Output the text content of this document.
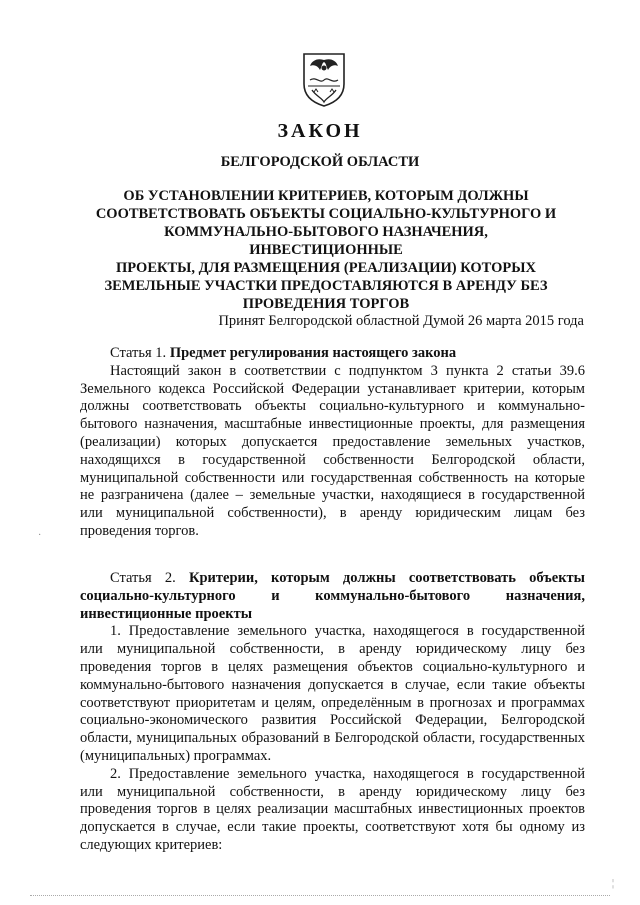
ЗАКОН
БЕЛГОРОДСКОЙ ОБЛАСТИ
ОБ УСТАНОВЛЕНИИ КРИТЕРИЕВ, КОТОРЫМ ДОЛЖНЫ
СООТВЕТСТВОВАТЬ ОБЪЕКТЫ СОЦИАЛЬНО-КУЛЬТУРНОГО И
КОММУНАЛЬНО-БЫТОВОГО НАЗНАЧЕНИЯ, ИНВЕСТИЦИОННЫЕ
ПРОЕКТЫ, ДЛЯ РАЗМЕЩЕНИЯ (РЕАЛИЗАЦИИ) КОТОРЫХ
ЗЕМЕЛЬНЫЕ УЧАСТКИ ПРЕДОСТАВЛЯЮТСЯ В АРЕНДУ БЕЗ
ПРОВЕДЕНИЯ ТОРГОВ
Принят Белгородской областной Думой 26 марта 2015 года

Статья 1. Предмет регулирования настоящего закона

Настоящий закон в соответствии с подпунктом 3 пункта 2 статьи 39.6 Земельного кодекса Российской Федерации устанавливает критерии, которым должны соответствовать объекты социально-культурного и коммунально-бытового назначения, масштабные инвестиционные проекты, для размещения (реализации) которых допускается предоставление земельных участков, находящихся в государственной собственности Белгородской области, муниципальной собственности или государственная собственность на которые не разграничена (далее – земельные участки, находящиеся в государственной или муниципальной собственности), в аренду юридическим лицам без проведения торгов.

Статья 2. Критерии, которым должны соответствовать объекты социально-культурного и коммунально-бытового назначения, инвестиционные проекты

1. Предоставление земельного участка, находящегося в государственной или муниципальной собственности, в аренду юридическому лицу без проведения торгов в целях размещения объектов социально-культурного и коммунально-бытового назначения допускается в случае, если такие объекты соответствуют приоритетам и целям, определённым в прогнозах и программах социально-экономического развития Российской Федерации, Белгородской области, муниципальных образований в Белгородской области, государственных (муниципальных) программах.

2. Предоставление земельного участка, находящегося в государственной или муниципальной собственности, в аренду юридическому лицу без проведения торгов в целях реализации масштабных инвестиционных проектов допускается в случае, если такие проекты, соответствуют хотя бы одному из следующих критериев:

¦
·
